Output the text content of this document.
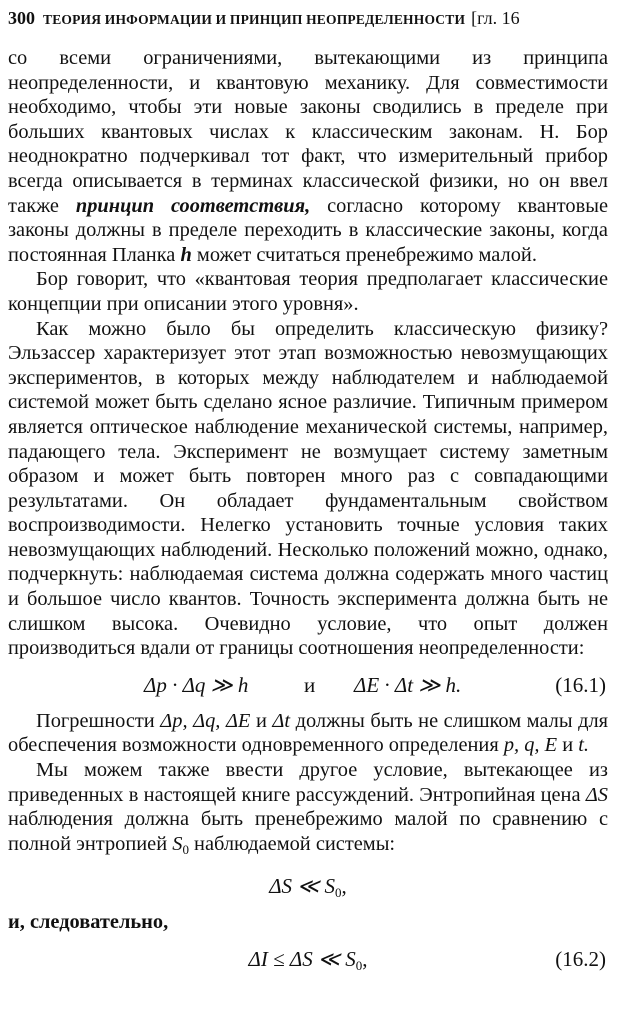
300 ТЕОРИЯ ИНФОРМАЦИИ И ПРИНЦИП НЕОПРЕДЕЛЕННОСТИ [гл. 16

со всеми ограничениями, вытекающими из принципа неопределенности, и квантовую механику. Для совместимости необходимо, чтобы эти новые законы сводились в пределе при больших квантовых числах к классическим законам. Н. Бор неоднократно подчеркивал тот факт, что измерительный прибор всегда описывается в терминах классической физики, но он ввел также принцип соответствия, согласно которому квантовые законы должны в пределе переходить в классические законы, когда постоянная Планка h может считаться пренебрежимо малой.

Бор говорит, что «квантовая теория предполагает классические концепции при описании этого уровня».

Как можно было бы определить классическую физику? Эльзассер характеризует этот этап возможностью невозмущающих экспериментов, в которых между наблюдателем и наблюдаемой системой может быть сделано ясное различие. Типичным примером является оптическое наблюдение механической системы, например, падающего тела. Эксперимент не возмущает систему заметным образом и может быть повторен много раз с совпадающими результатами. Он обладает фундаментальным свойством воспроизводимости. Нелегко установить точные условия таких невозмущающих наблюдений. Несколько положений можно, однако, подчеркнуть: наблюдаемая система должна содержать много частиц и большое число квантов. Точность эксперимента должна быть не слишком высока. Очевидно условие, что опыт должен производиться вдали от границы соотношения неопределенности:

Δp · Δq ≫ h	и ΔE · Δt ≫ h.	(16.1)

Погрешности Δp, Δq, ΔE и Δt должны быть не слишком малы для обеспечения возможности одновременного определения p, q, E и t.

Мы можем также ввести другое условие, вытекающее из приведенных в настоящей книге рассуждений. Энтропийная цена ΔS наблюдения должна быть пренебрежимо малой по сравнению с полной энтропией $S_0$ наблюдаемой системы:

ΔS ≪ $S_0$,

и, следовательно,

ΔI ≤ ΔS ≪ $S_0$,	(16.2)
